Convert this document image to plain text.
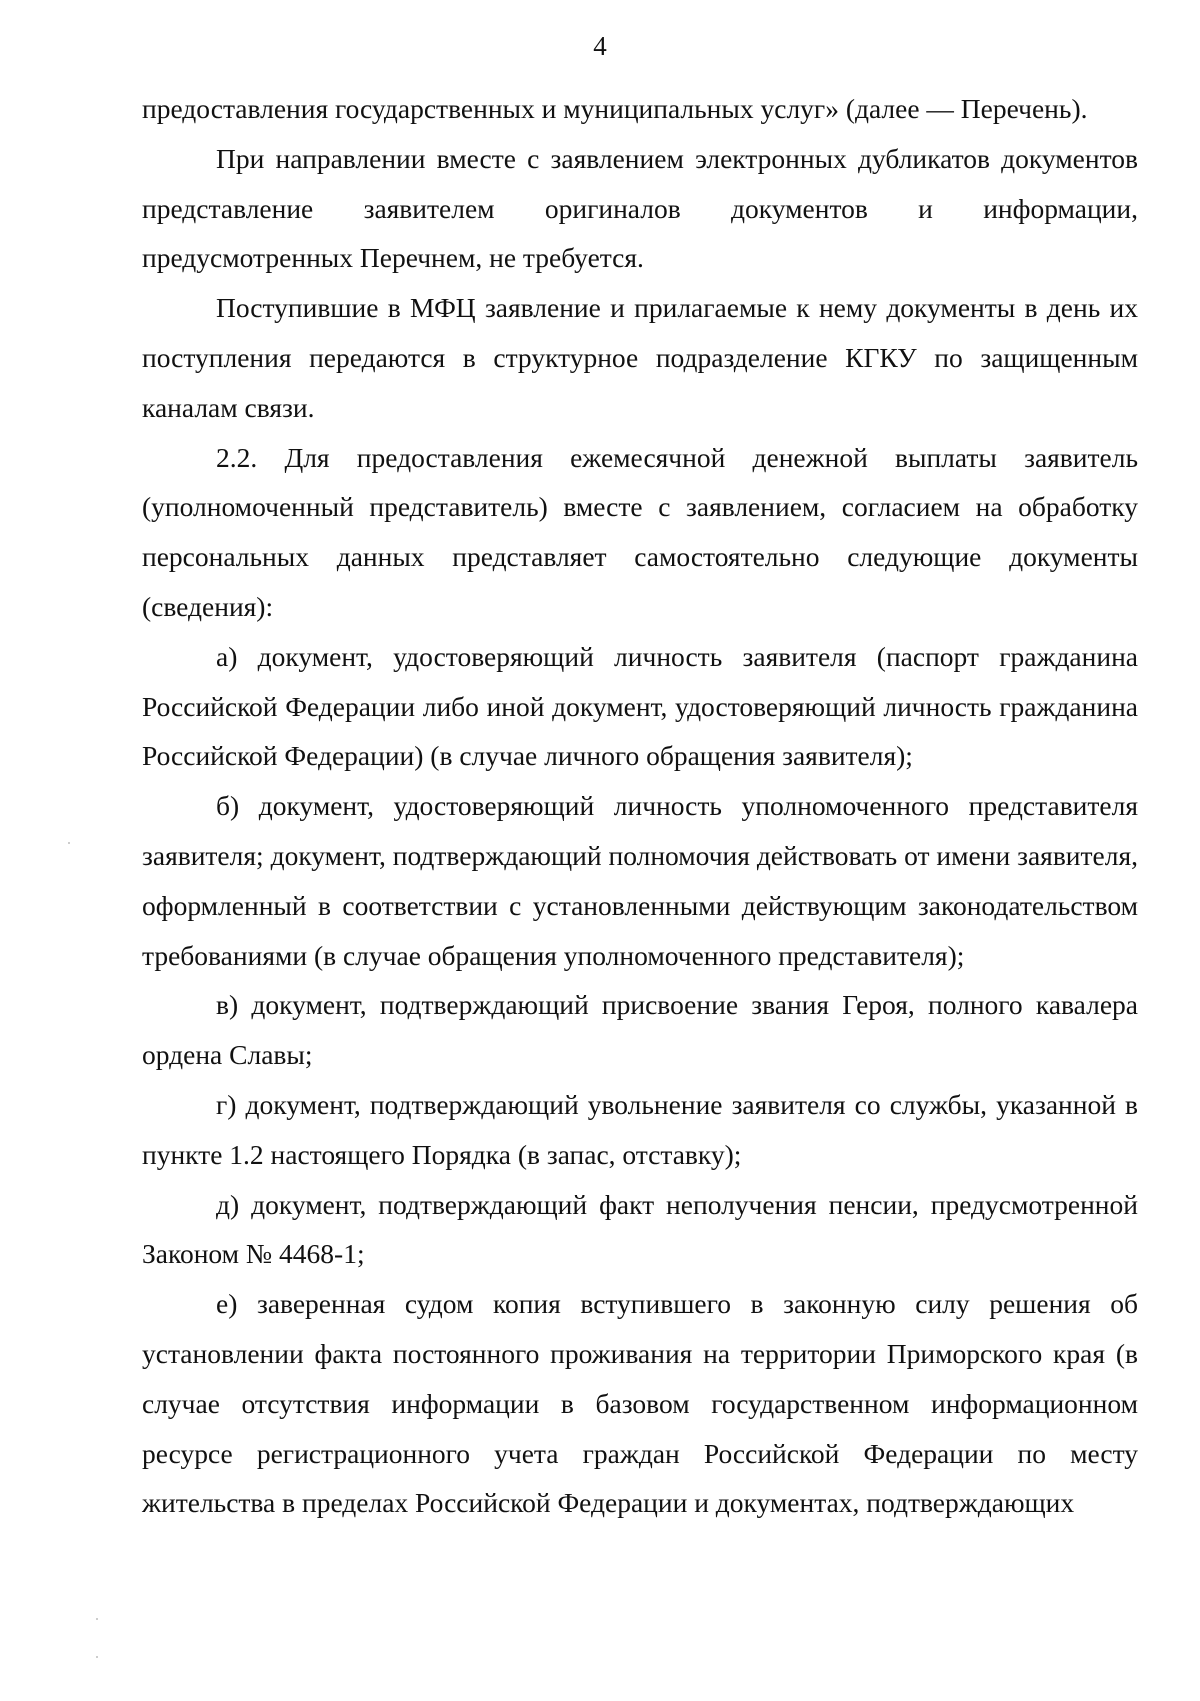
4

предоставления государственных и муниципальных услуг» (далее — Перечень).

При направлении вместе с заявлением электронных дубликатов документов представление заявителем оригиналов документов и информации, предусмотренных Перечнем, не требуется.

Поступившие в МФЦ заявление и прилагаемые к нему документы в день их поступления передаются в структурное подразделение КГКУ по защищенным каналам связи.

2.2. Для предоставления ежемесячной денежной выплаты заявитель (уполномоченный представитель) вместе с заявлением, согласием на обработку персональных данных представляет самостоятельно следующие документы (сведения):

а) документ, удостоверяющий личность заявителя (паспорт гражданина Российской Федерации либо иной документ, удостоверяющий личность гражданина Российской Федерации) (в случае личного обращения заявителя);

б) документ, удостоверяющий личность уполномоченного представителя заявителя; документ, подтверждающий полномочия действовать от имени заявителя, оформленный в соответствии с установленными действующим законодательством требованиями (в случае обращения уполномоченного представителя);

в) документ, подтверждающий присвоение звания Героя, полного кавалера ордена Славы;

г) документ, подтверждающий увольнение заявителя со службы, указанной в пункте 1.2 настоящего Порядка (в запас, отставку);

д) документ, подтверждающий факт неполучения пенсии, предусмотренной Законом № 4468-1;

е) заверенная судом копия вступившего в законную силу решения об установлении факта постоянного проживания на территории Приморского края (в случае отсутствия информации в базовом государственном информационном ресурсе регистрационного учета граждан Российской Федерации по месту жительства в пределах Российской Федерации и документах, подтверждающих
